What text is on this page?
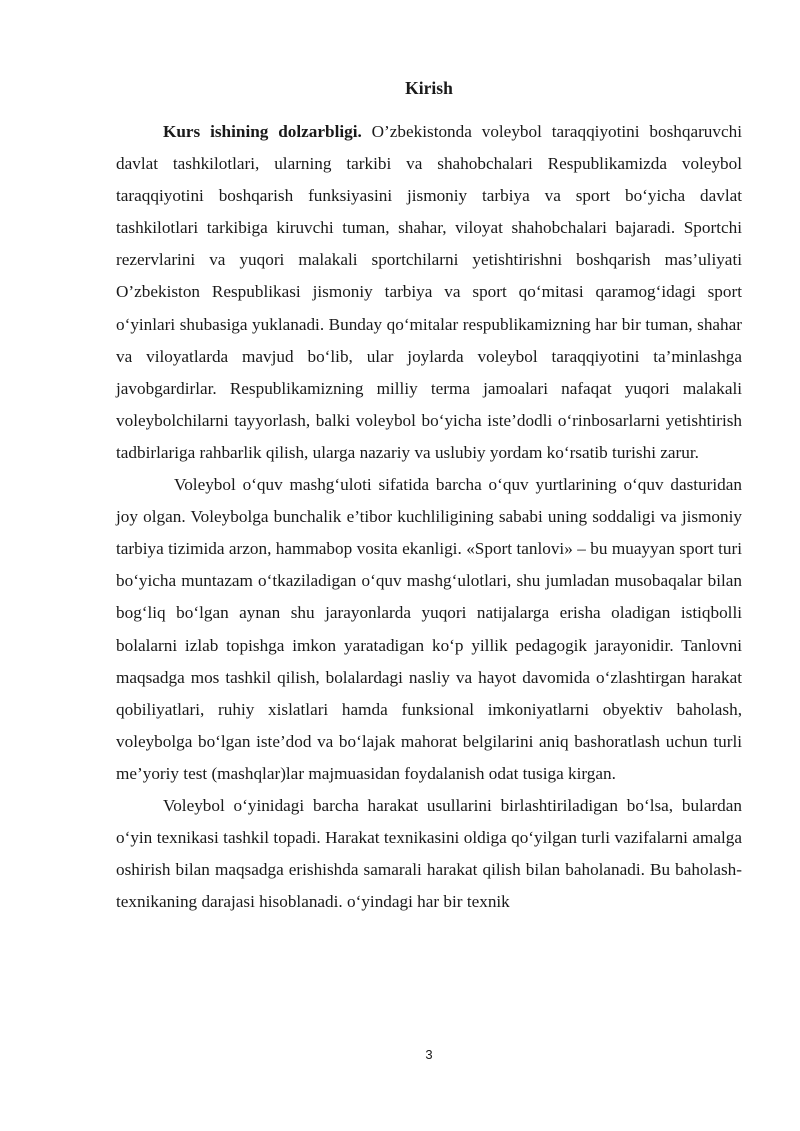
Kirish

Kurs ishining dolzarbligi. O’zbekistonda voleybol taraqqiyotini boshqaruvchi davlat tashkilotlari, ularning tarkibi va shahobchalari Respublikamizda voleybol taraqqiyotini boshqarish funksiyasini jismoniy tarbiya va sport bo‘yicha davlat tashkilotlari tarkibiga kiruvchi tuman, shahar, viloyat shahobchalari bajaradi. Sportchi rezervlarini va yuqori malakali sportchilarni yetishtirishni boshqarish mas’uliyati O’zbekiston Respublikasi jismoniy tarbiya va sport qo‘mitasi qaramog‘idagi sport o‘yinlari shubasiga yuklanadi. Bunday qo‘mitalar respublikamizning har bir tuman, shahar va viloyatlarda mavjud bo‘lib, ular joylarda voleybol taraqqiyotini ta’minlashga javobgardirlar. Respublikamizning milliy terma jamoalari nafaqat yuqori malakali voleybolchilarni tayyorlash, balki voleybol bo‘yicha iste’dodli o‘rinbosarlarni yetishtirish tadbirlariga rahbarlik qilish, ularga nazariy va uslubiy yordam ko‘rsatib turishi zarur.

Voleybol o‘quv mashg‘uloti sifatida barcha o‘quv yurtlarining o‘quv dasturidan joy olgan. Voleybolga bunchalik e’tibor kuchliligining sababi uning soddaligi va jismoniy tarbiya tizimida arzon, hammabop vosita ekanligi. «Sport tanlovi» – bu muayyan sport turi bo‘yicha muntazam o‘tkaziladigan o‘quv mashg‘ulotlari, shu jumladan musobaqalar bilan bog‘liq bo‘lgan aynan shu jarayonlarda yuqori natijalarga erisha oladigan istiqbolli bolalarni izlab topishga imkon yaratadigan ko‘p yillik pedagogik jarayonidir. Tanlovni maqsadga mos tashkil qilish, bolalardagi nasliy va hayot davomida o‘zlashtirgan harakat qobiliyatlari, ruhiy xislatlari hamda funksional imkoniyatlarni obyektiv baholash, voleybolga bo‘lgan iste’dod va bo‘lajak mahorat belgilarini aniq bashoratlash uchun turli me’yoriy test (mashqlar)lar majmuasidan foydalanish odat tusiga kirgan.

Voleybol o‘yinidagi barcha harakat usullarini birlashtiriladigan bo‘lsa, bulardan o‘yin texnikasi tashkil topadi. Harakat texnikasini oldiga qo‘yilgan turli vazifalarni amalga oshirish bilan maqsadga erishishda samarali harakat qilish bilan baholanadi. Bu baholash-texnikaning darajasi hisoblanadi. o‘yindagi har bir texnik

3
